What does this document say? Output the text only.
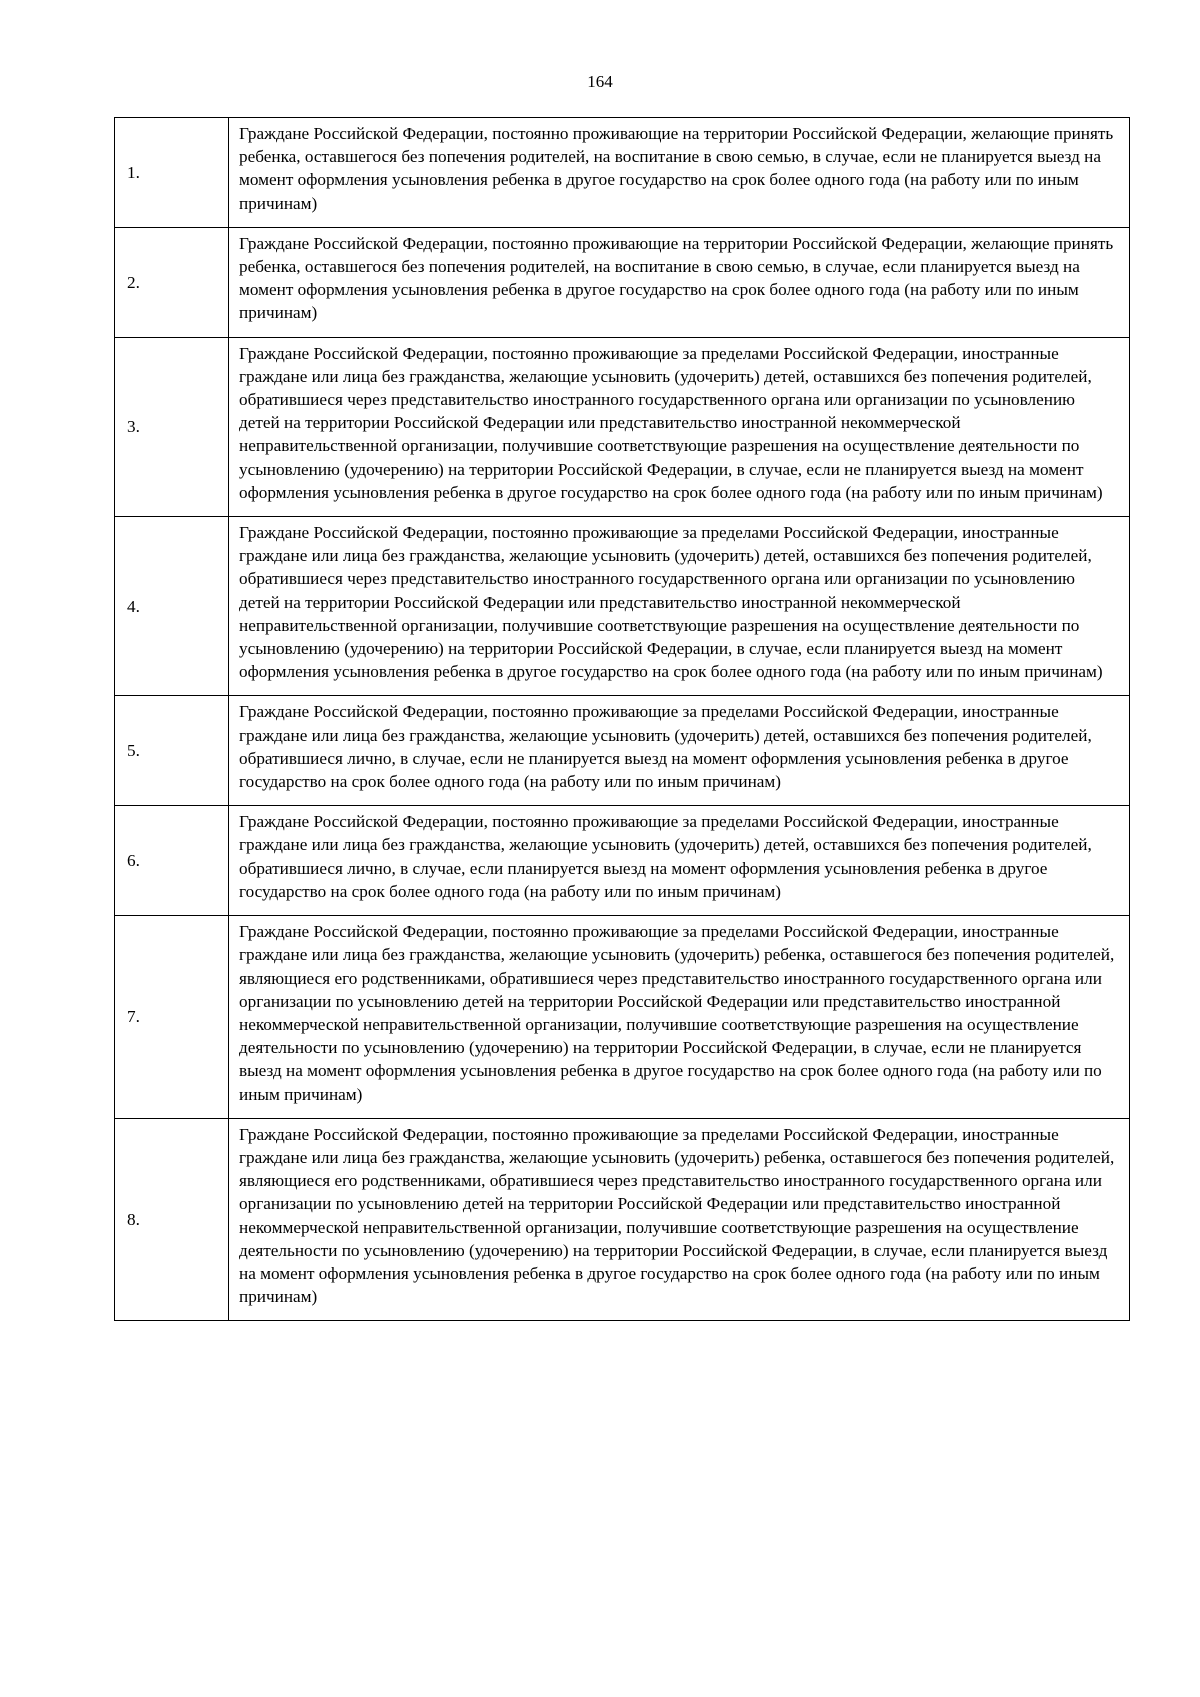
164
1.	Граждане Российской Федерации, постоянно проживающие на территории Российской Федерации, желающие принять ребенка, оставшегося без попечения родителей, на воспитание в свою семью, в случае, если не планируется выезд на момент оформления усыновления ребенка в другое государство на срок более одного года (на работу или по иным причинам)
2.	Граждане Российской Федерации, постоянно проживающие на территории Российской Федерации, желающие принять ребенка, оставшегося без попечения родителей, на воспитание в свою семью, в случае, если планируется выезд на момент оформления усыновления ребенка в другое государство на срок более одного года (на работу или по иным причинам)
3.	Граждане Российской Федерации, постоянно проживающие за пределами Российской Федерации, иностранные граждане или лица без гражданства, желающие усыновить (удочерить) детей, оставшихся без попечения родителей, обратившиеся через представительство иностранного государственного органа или организации по усыновлению детей на территории Российской Федерации или представительство иностранной некоммерческой неправительственной организации, получившие соответствующие разрешения на осуществление деятельности по усыновлению (удочерению) на территории Российской Федерации, в случае, если не планируется выезд на момент оформления усыновления ребенка в другое государство на срок более одного года (на работу или по иным причинам)
4.	Граждане Российской Федерации, постоянно проживающие за пределами Российской Федерации, иностранные граждане или лица без гражданства, желающие усыновить (удочерить) детей, оставшихся без попечения родителей, обратившиеся через представительство иностранного государственного органа или организации по усыновлению детей на территории Российской Федерации или представительство иностранной некоммерческой неправительственной организации, получившие соответствующие разрешения на осуществление деятельности по усыновлению (удочерению) на территории Российской Федерации, в случае, если планируется выезд на момент оформления усыновления ребенка в другое государство на срок более одного года (на работу или по иным причинам)
5.	Граждане Российской Федерации, постоянно проживающие за пределами Российской Федерации, иностранные граждане или лица без гражданства, желающие усыновить (удочерить) детей, оставшихся без попечения родителей, обратившиеся лично, в случае, если не планируется выезд на момент оформления усыновления ребенка в другое государство на срок более одного года (на работу или по иным причинам)
6.	Граждане Российской Федерации, постоянно проживающие за пределами Российской Федерации, иностранные граждане или лица без гражданства, желающие усыновить (удочерить) детей, оставшихся без попечения родителей, обратившиеся лично, в случае, если планируется выезд на момент оформления усыновления ребенка в другое государство на срок более одного года (на работу или по иным причинам)
7.	Граждане Российской Федерации, постоянно проживающие за пределами Российской Федерации, иностранные граждане или лица без гражданства, желающие усыновить (удочерить) ребенка, оставшегося без попечения родителей, являющиеся его родственниками, обратившиеся через представительство иностранного государственного органа или организации по усыновлению детей на территории Российской Федерации или представительство иностранной некоммерческой неправительственной организации, получившие соответствующие разрешения на осуществление деятельности по усыновлению (удочерению) на территории Российской Федерации, в случае, если не планируется выезд на момент оформления усыновления ребенка в другое государство на срок более одного года (на работу или по иным причинам)
8.	Граждане Российской Федерации, постоянно проживающие за пределами Российской Федерации, иностранные граждане или лица без гражданства, желающие усыновить (удочерить) ребенка, оставшегося без попечения родителей, являющиеся его родственниками, обратившиеся через представительство иностранного государственного органа или организации по усыновлению детей на территории Российской Федерации или представительство иностранной некоммерческой неправительственной организации, получившие соответствующие разрешения на осуществление деятельности по усыновлению (удочерению) на территории Российской Федерации, в случае, если планируется выезд на момент оформления усыновления ребенка в другое государство на срок более одного года (на работу или по иным причинам)
